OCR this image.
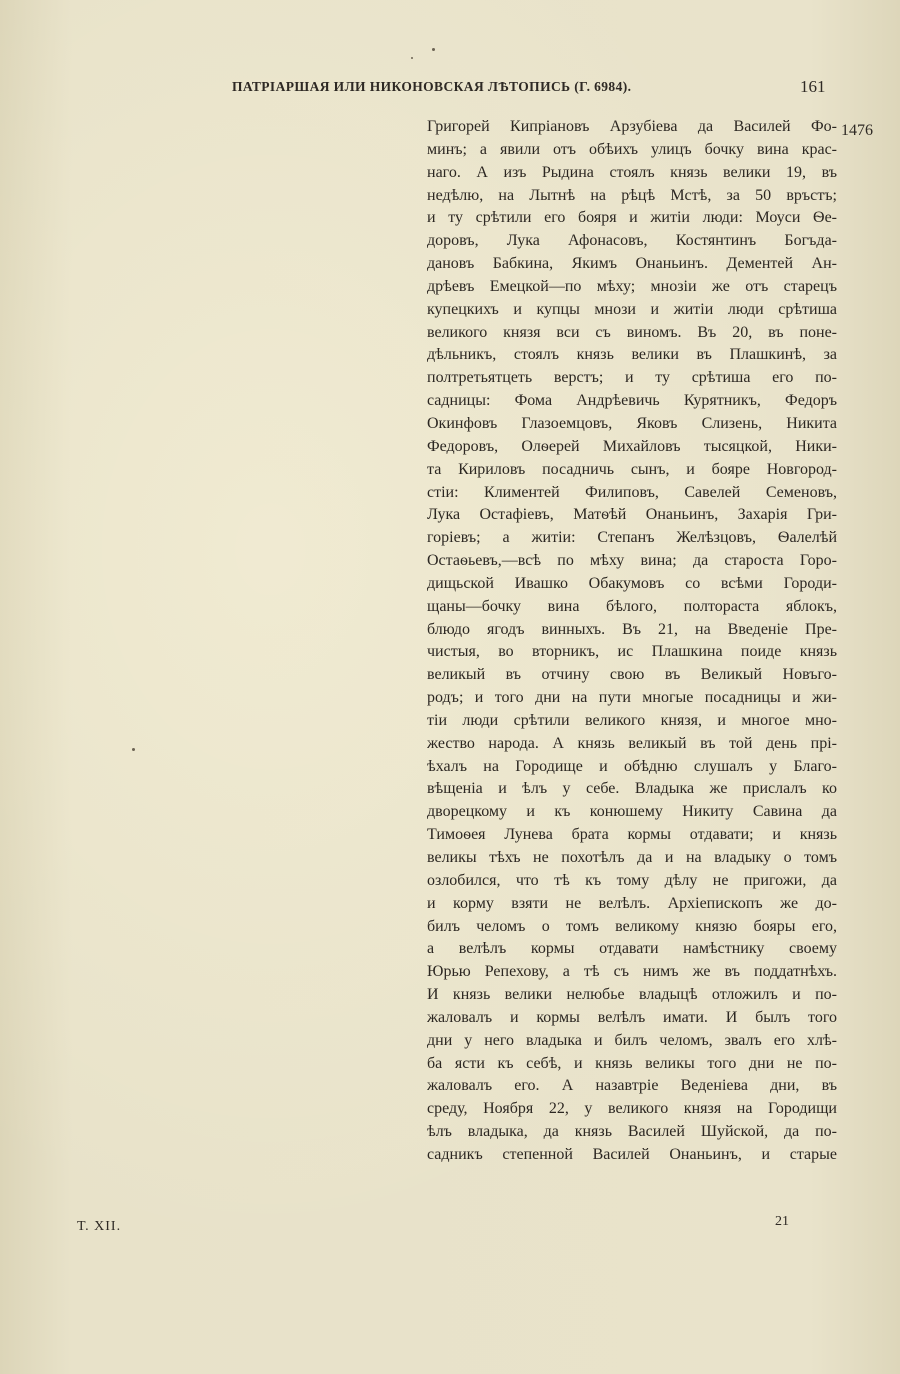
ПАТРІАРШАЯ ИЛИ НИКОНОВСКАЯ ЛѢТОПИСЬ (Г. 6984).	161
1476
Григорей Кипріановъ Арзубіева да Василей Фо-
минъ; а явили отъ обѣихъ улицъ бочку вина крас-
наго. А изъ Рыдина стоялъ князь велики 19, въ
недѣлю, на Лытнѣ на рѣцѣ Мстѣ, за 50 връстъ;
и ту срѣтили его бояря и житіи люди: Моуси Ѳе-
доровъ, Лука Афонасовъ, Костянтинъ Богъда-
дановъ Бабкина, Якимъ Онаньинъ. Дементей Ан-
дрѣевъ Емецкой—по мѣху; мнозіи же отъ старецъ
купецкихъ и купцы мнози и житіи люди срѣтиша
великого князя вси съ виномъ. Въ 20, въ поне-
дѣльникъ, стоялъ князь велики въ Плашкинѣ, за
полтретьятцеть верстъ; и ту срѣтиша его по-
садницы: Фома Андрѣевичь Курятникъ, Федоръ
Окинфовъ Глазоемцовъ, Яковъ Слизень, Никита
Федоровъ, Олѳерей Михайловъ тысяцкой, Ники-
та Кириловъ посадничь сынъ, и бояре Новгород-
стіи: Климентей Филиповъ, Савелей Семеновъ,
Лука Остафіевъ, Матѳѣй Онаньинъ, Захарія Гри-
горіевъ; а житіи: Степанъ Желѣзцовъ, Ѳалелѣй
Остаѳьевъ,—всѣ по мѣху вина; да староста Горо-
дищьской Ивашко Обакумовъ со всѣми Городи-
щаны—бочку вина бѣлого, полтораста яблокъ,
блюдо ягодъ винныхъ. Въ 21, на Введеніе Пре-
чистыя, во вторникъ, ис Плашкина поиде князь
великый въ отчину свою въ Великый Новъго-
родъ; и того дни на пути многые посадницы и жи-
тіи люди срѣтили великого князя, и многое мно-
жество народа. А князь великый въ той день прі-
ѣхалъ на Городище и обѣдню слушалъ у Благо-
вѣщеніа и ѣлъ у себе. Владыка же прислалъ ко
дворецкому и къ конюшему Никиту Савина да
Тимоѳея Лунева брата кормы отдавати; и князь
великы тѣхъ не похотѣлъ да и на владыку о томъ
озлобился, что тѣ къ тому дѣлу не пригожи, да
и корму взяти не велѣлъ. Архіепископъ же до-
билъ челомъ о томъ великому князю бояры его,
а велѣлъ кормы отдавати намѣстнику своему
Юрью Репехову, а тѣ съ нимъ же въ поддатнѣхъ.
И князь велики нелюбье владыцѣ отложилъ и по-
жаловалъ и кормы велѣлъ имати. И былъ того
дни у него владыка и билъ челомъ, звалъ его хлѣ-
ба ясти къ себѣ, и князь великы того дни не по-
жаловалъ его. А назавтріе Веденіева дни, въ
среду, Ноября 22, у великого князя на Городищи
ѣлъ владыка, да князь Василей Шуйской, да по-
садникъ степенной Василей Онаньинъ, и старые
Т. XII.	21
